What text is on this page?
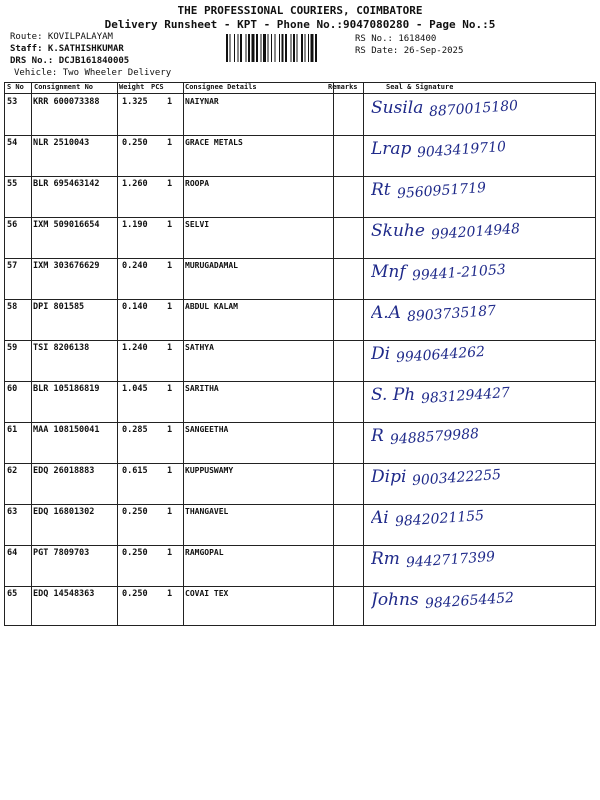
THE PROFESSIONAL COURIERS, COIMBATORE
Delivery Runsheet - KPT - Phone No.:9047080280 - Page No.:5
Route: KOVILPALAYAM
Staff: K.SATHISHKUMAR
DRS No.: DCJB161840005
Vehicle: Two Wheeler Delivery
RS No.: 1618400
RS Date: 26-Sep-2025
S No Consignment No	Weight PCS	Consignee Details	Remarks	Seal & Signature
53 KRR 600073388	1.325 1 NAIYNAR	Susila 8870015180
54 NLR 2510043	0.250 1 GRACE METALS	Lrap 9043419710
55 BLR 695463142	1.260 1 ROOPA	Rt 9560951719
56 IXM 509016654	1.190 1 SELVI	Skuhe 9942014948
57 IXM 303676629	0.240 1 MURUGADAMAL	Mnf 99441-21053
58 DPI 801585	0.140 1 ABDUL KALAM	A.A 8903735187
59 TSI 8206138	1.240 1 SATHYA	Di 9940644262
60 BLR 105186819	1.045 1 SARITHA	S. Ph 9831294427
61 MAA 108150041	0.285 1 SANGEETHA	R 9488579988
62 EDQ 26018883	0.615 1 KUPPUSWAMY	Dipi 9003422255
63 EDQ 16801302	0.250 1 THANGAVEL	Ai 9842021155
64 PGT 7809703	0.250 1 RAMGOPAL	Rm 9442717399
65 EDQ 14548363	0.250 1 COVAI TEX	Johns 9842654452
